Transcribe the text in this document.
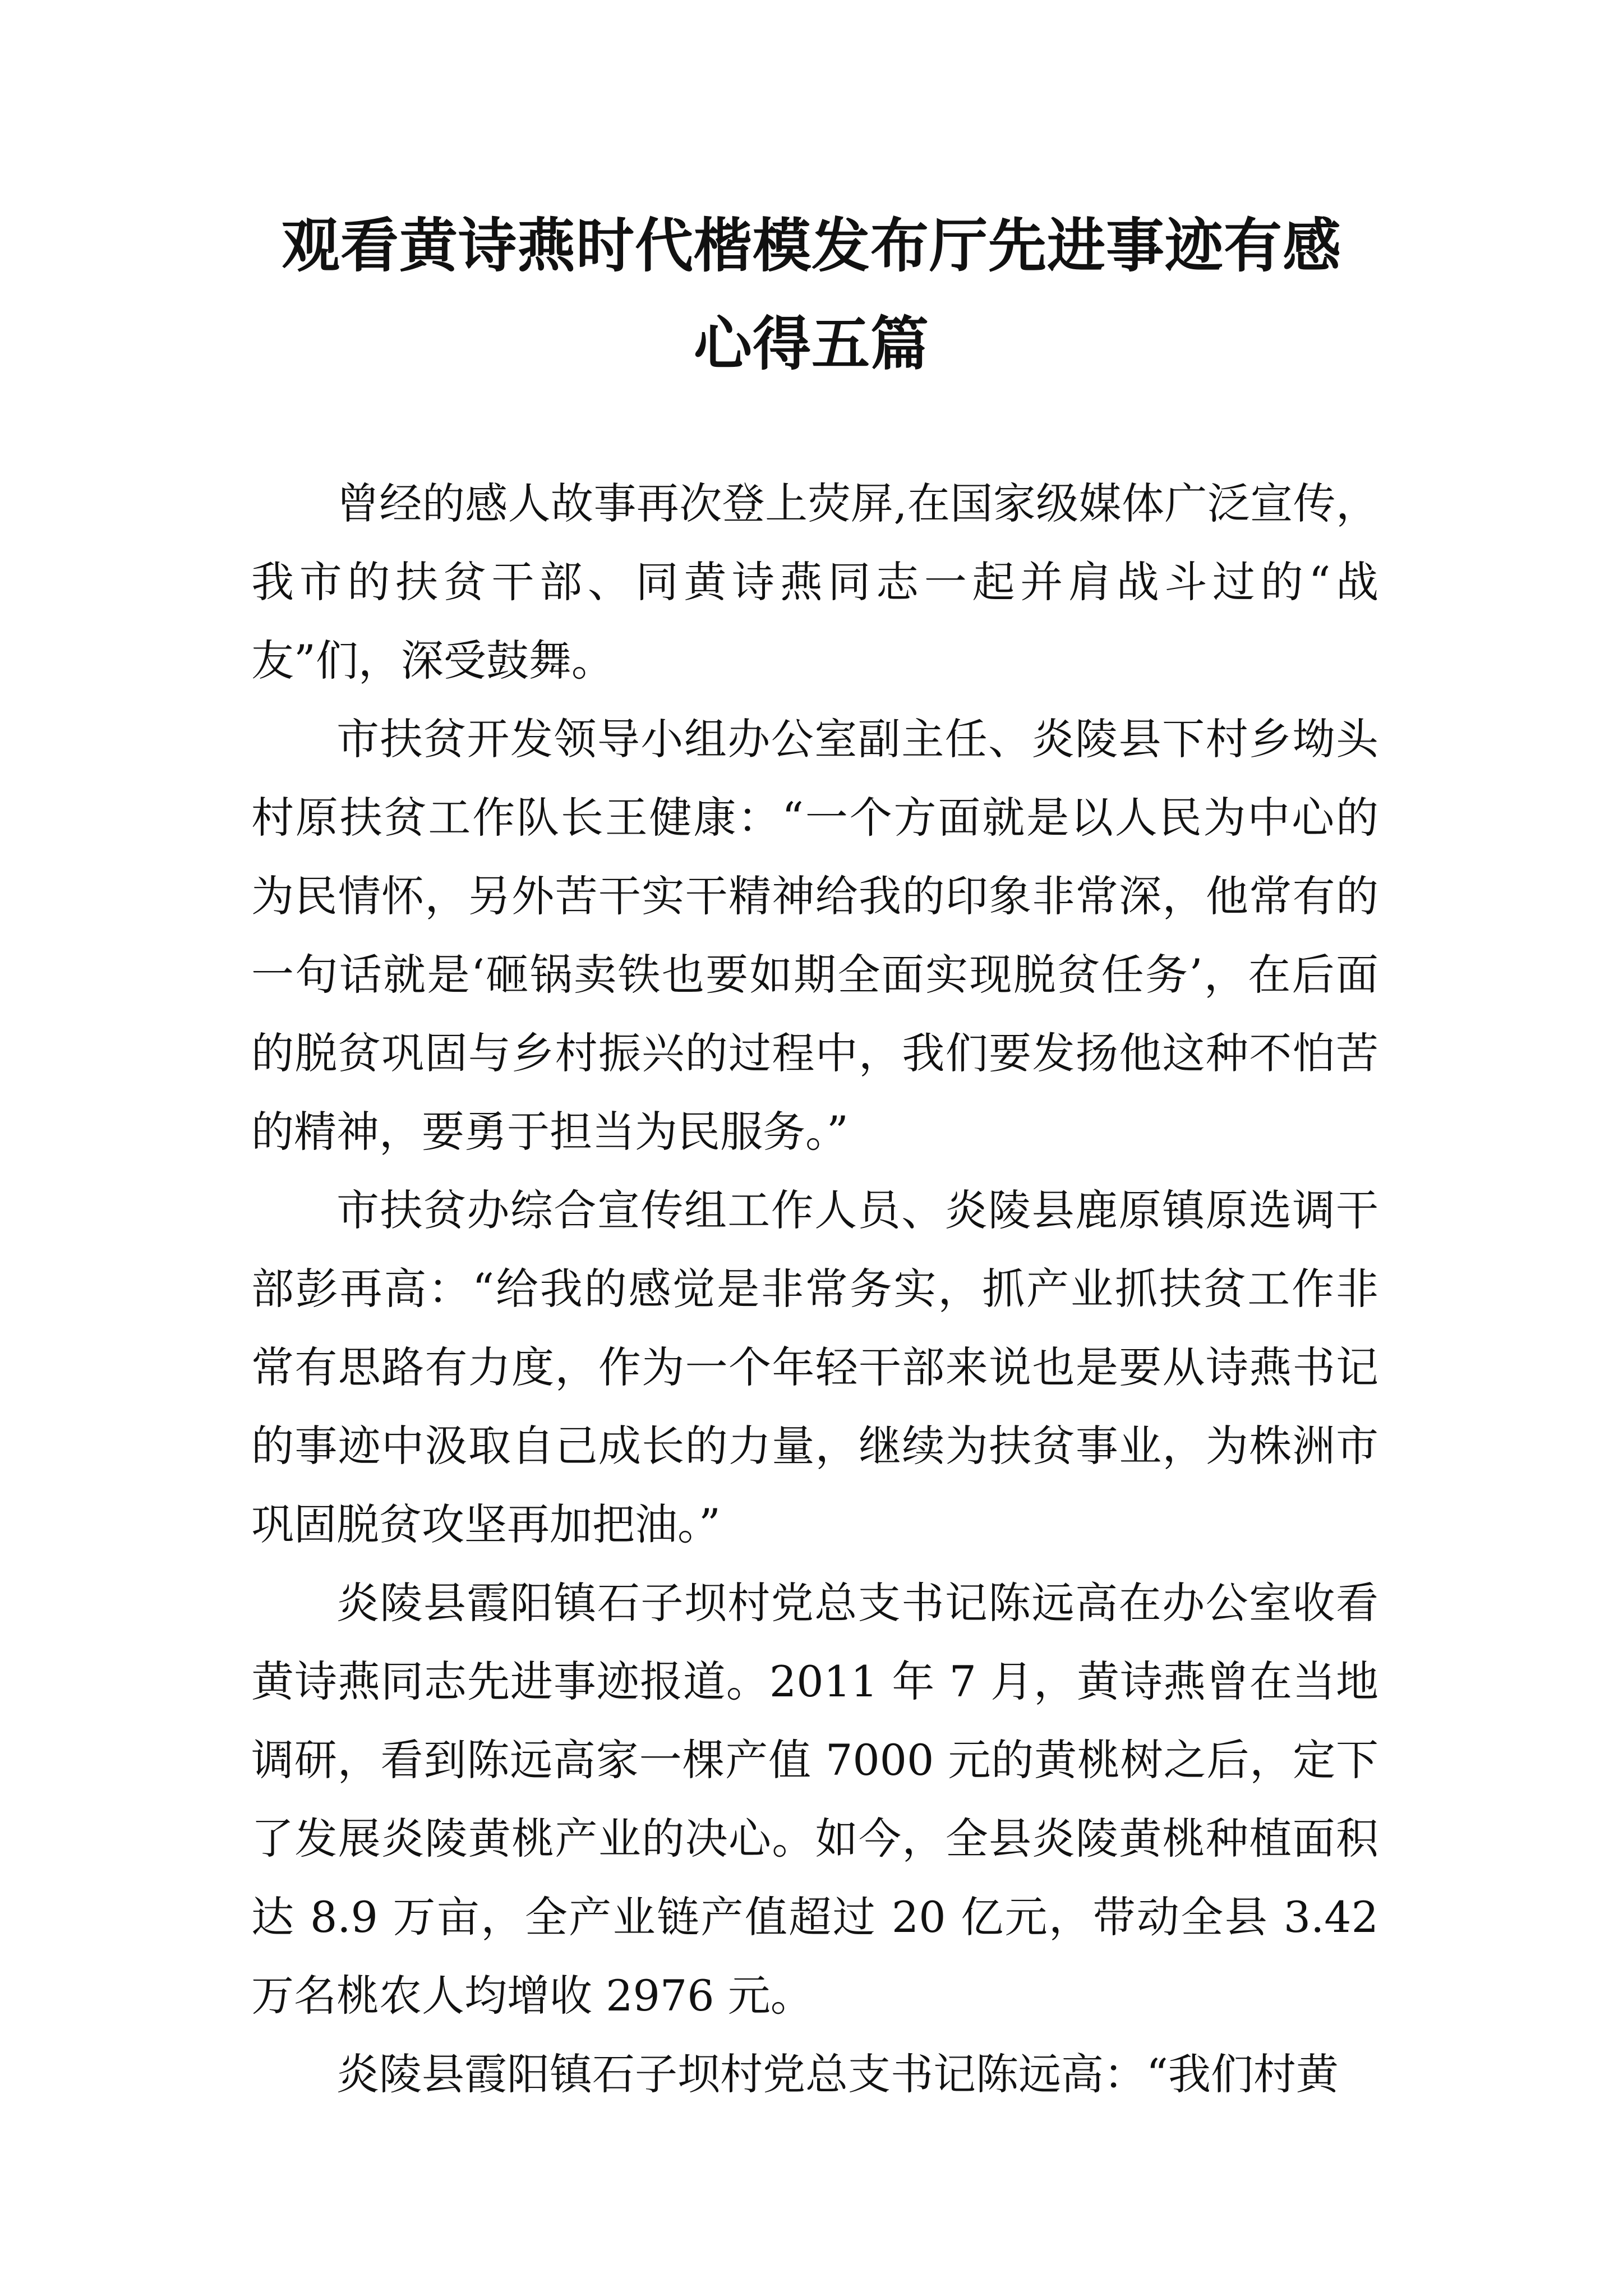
观看黄诗燕时代楷模发布厅先进事迹有感
心得五篇

曾经的感人故事再次登上荧屏,在国家级媒体广泛宣传，我市的扶贫干部、同黄诗燕同志一起并肩战斗过的“战友”们，深受鼓舞。

市扶贫开发领导小组办公室副主任、炎陵县下村乡坳头村原扶贫工作队长王健康：“一个方面就是以人民为中心的为民情怀，另外苦干实干精神给我的印象非常深，他常有的一句话就是‘砸锅卖铁也要如期全面实现脱贫任务’，在后面的脱贫巩固与乡村振兴的过程中，我们要发扬他这种不怕苦的精神，要勇于担当为民服务。”

市扶贫办综合宣传组工作人员、炎陵县鹿原镇原选调干部彭再高：“给我的感觉是非常务实，抓产业抓扶贫工作非常有思路有力度，作为一个年轻干部来说也是要从诗燕书记的事迹中汲取自己成长的力量，继续为扶贫事业，为株洲市巩固脱贫攻坚再加把油。”

炎陵县霞阳镇石子坝村党总支书记陈远高在办公室收看黄诗燕同志先进事迹报道。2011 年 7 月，黄诗燕曾在当地调研，看到陈远高家一棵产值 7000 元的黄桃树之后，定下了发展炎陵黄桃产业的决心。如今，全县炎陵黄桃种植面积达 8.9 万亩，全产业链产值超过 20 亿元，带动全县 3.42 万名桃农人均增收 2976 元。

炎陵县霞阳镇石子坝村党总支书记陈远高：“我们村黄
